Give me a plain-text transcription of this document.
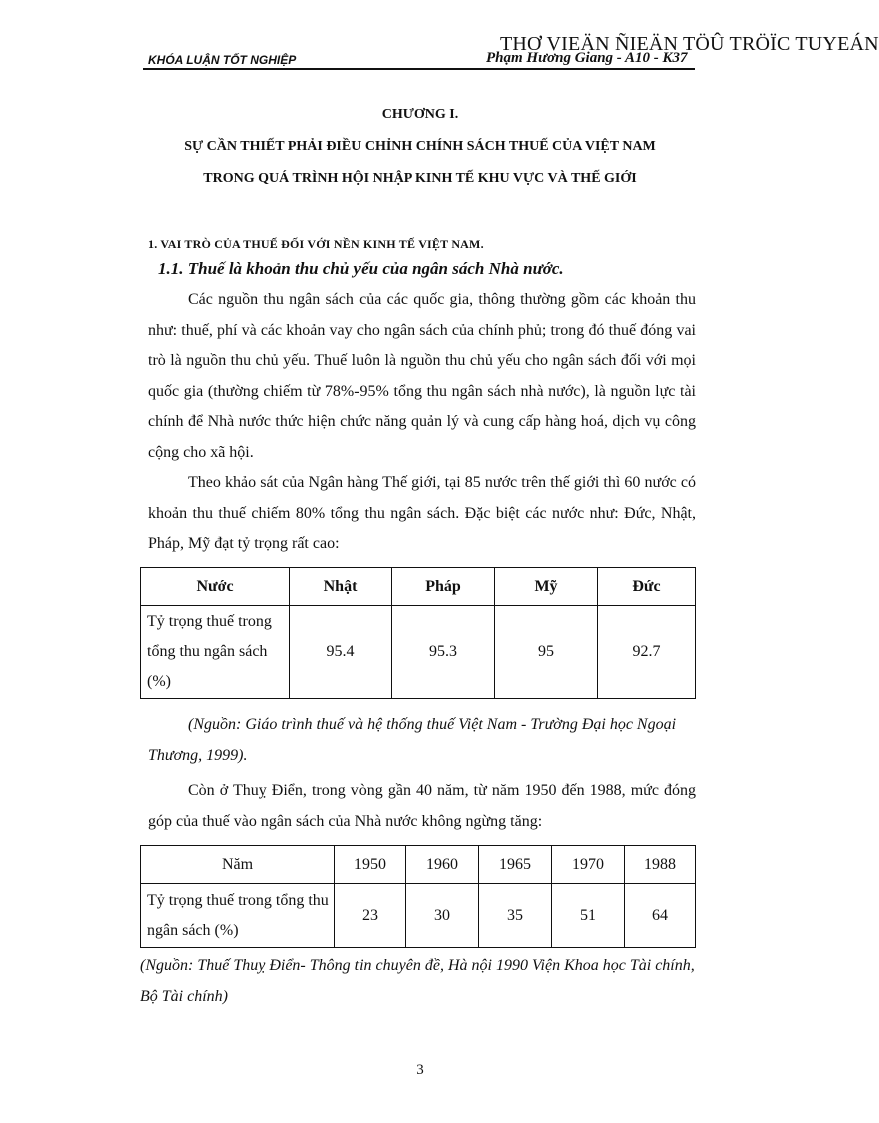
THƠ VIEÄN ÑIEÄN TÖÛ TRÖÏC TUYEÁN
KHÓA LUẬN TỐT NGHIỆP	Phạm Hương Giang - A10 - K37
CHƯƠNG I.
SỰ CẦN THIẾT PHẢI ĐIỀU CHỈNH CHÍNH SÁCH THUẾ CỦA VIỆT NAM
TRONG QUÁ TRÌNH HỘI NHẬP KINH TẾ KHU VỰC VÀ THẾ GIỚI
1. VAI TRÒ CỦA THUẾ ĐỐI VỚI NỀN KINH TẾ VIỆT NAM.
1.1. Thuế là khoản thu chủ yếu của ngân sách Nhà nước.
Các nguồn thu ngân sách của các quốc gia, thông thường gồm các khoản thu như: thuế, phí và các khoản vay cho ngân sách của chính phủ; trong đó thuế đóng vai trò là nguồn thu chủ yếu. Thuế luôn là nguồn thu chủ yếu cho ngân sách đối với mọi quốc gia (thường chiếm từ 78%-95% tổng thu ngân sách nhà nước), là nguồn lực tài chính để Nhà nước thức hiện chức năng quản lý và cung cấp hàng hoá, dịch vụ công cộng cho xã hội.
Theo khảo sát của Ngân hàng Thế giới, tại 85 nước trên thế giới thì 60 nước có khoản thu thuế chiếm 80% tổng thu ngân sách. Đặc biệt các nước như: Đức, Nhật, Pháp, Mỹ đạt tỷ trọng rất cao:
Nước	Nhật	Pháp	Mỹ	Đức
Tỷ trọng thuế trong tổng thu ngân sách (%)	95.4	95.3	95	92.7
(Nguồn: Giáo trình thuế và hệ thống thuế Việt Nam - Trường Đại học Ngoại Thương, 1999).
Còn ở Thuỵ Điển, trong vòng gần 40 năm, từ năm 1950 đến 1988, mức đóng góp của thuế vào ngân sách của Nhà nước không ngừng tăng:
Năm	1950	1960	1965	1970	1988
Tỷ trọng thuế trong tổng thu ngân sách (%)	23	30	35	51	64
(Nguồn: Thuế Thuỵ Điển- Thông tin chuyên đề, Hà nội 1990 Viện Khoa học Tài chính, Bộ Tài chính)
3
